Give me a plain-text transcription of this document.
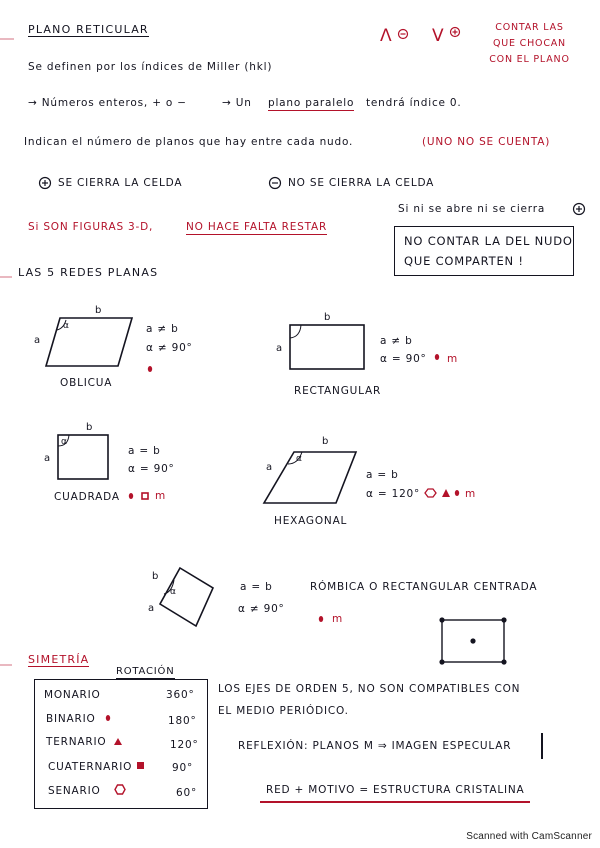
PLANO RETICULAR	Λ V	CONTAR LAS QUE CHOCAN CON EL PLANO
Se definen por los índices de Miller (hkl)
→ Números enteros, + o −	→ Un plano paralelo tendrá índice 0.
Indican el número de planos que hay entre cada nudo.	(UNO NO SE CUENTA)
SE CIERRA LA CELDA	NO SE CIERRA LA CELDA
Si ni se abre ni se cierra
Si SON FIGURAS 3-D,	NO HACE FALTA RESTAR
NO CONTAR LA DEL NUDO
QUE COMPARTEN !
LAS 5 REDES PLANAS
b
a
α	a ≠ b
α ≠ 90°
OBLICUA
b
a
a ≠ b
α = 90° m
RECTANGULAR
b
a
α
a = b
α = 90°
m
CUADRADA
b
a
α
a = b
α = 120°	m
HEXAGONAL
b
a
α	a = b
α ≠ 90°
m
RÓMBICA O RECTANGULAR CENTRADA
SIMETRÍA
ROTACIÓN
MONARIO	360°
BINARIO	180°
TERNARIO	120°
CUATERNARIO	90°
SENARIO	60°
LOS EJES DE ORDEN 5, NO SON COMPATIBLES CON
EL MEDIO PERIÓDICO.
REFLEXIÓN: PLANOS M ⇒ IMAGEN ESPECULAR
RED + MOTIVO = ESTRUCTURA CRISTALINA
Scanned with CamScanner
